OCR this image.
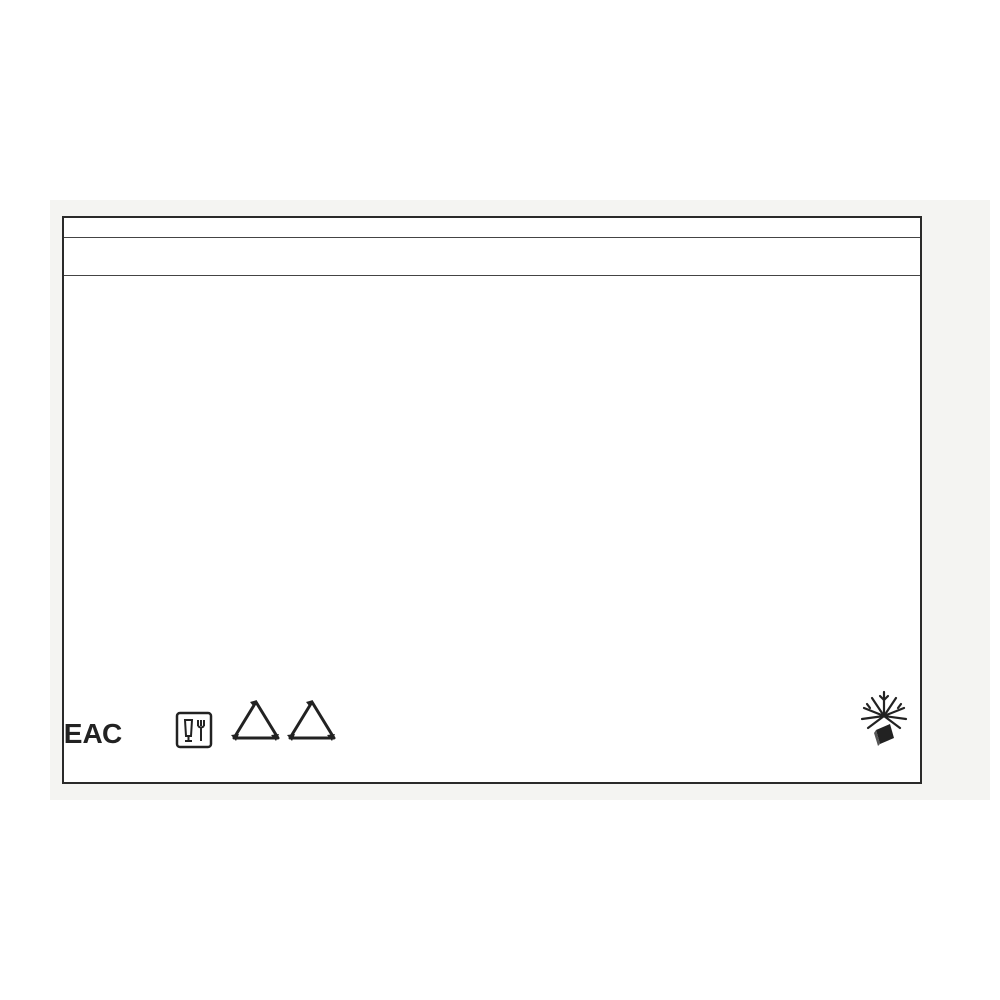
ЕАС
